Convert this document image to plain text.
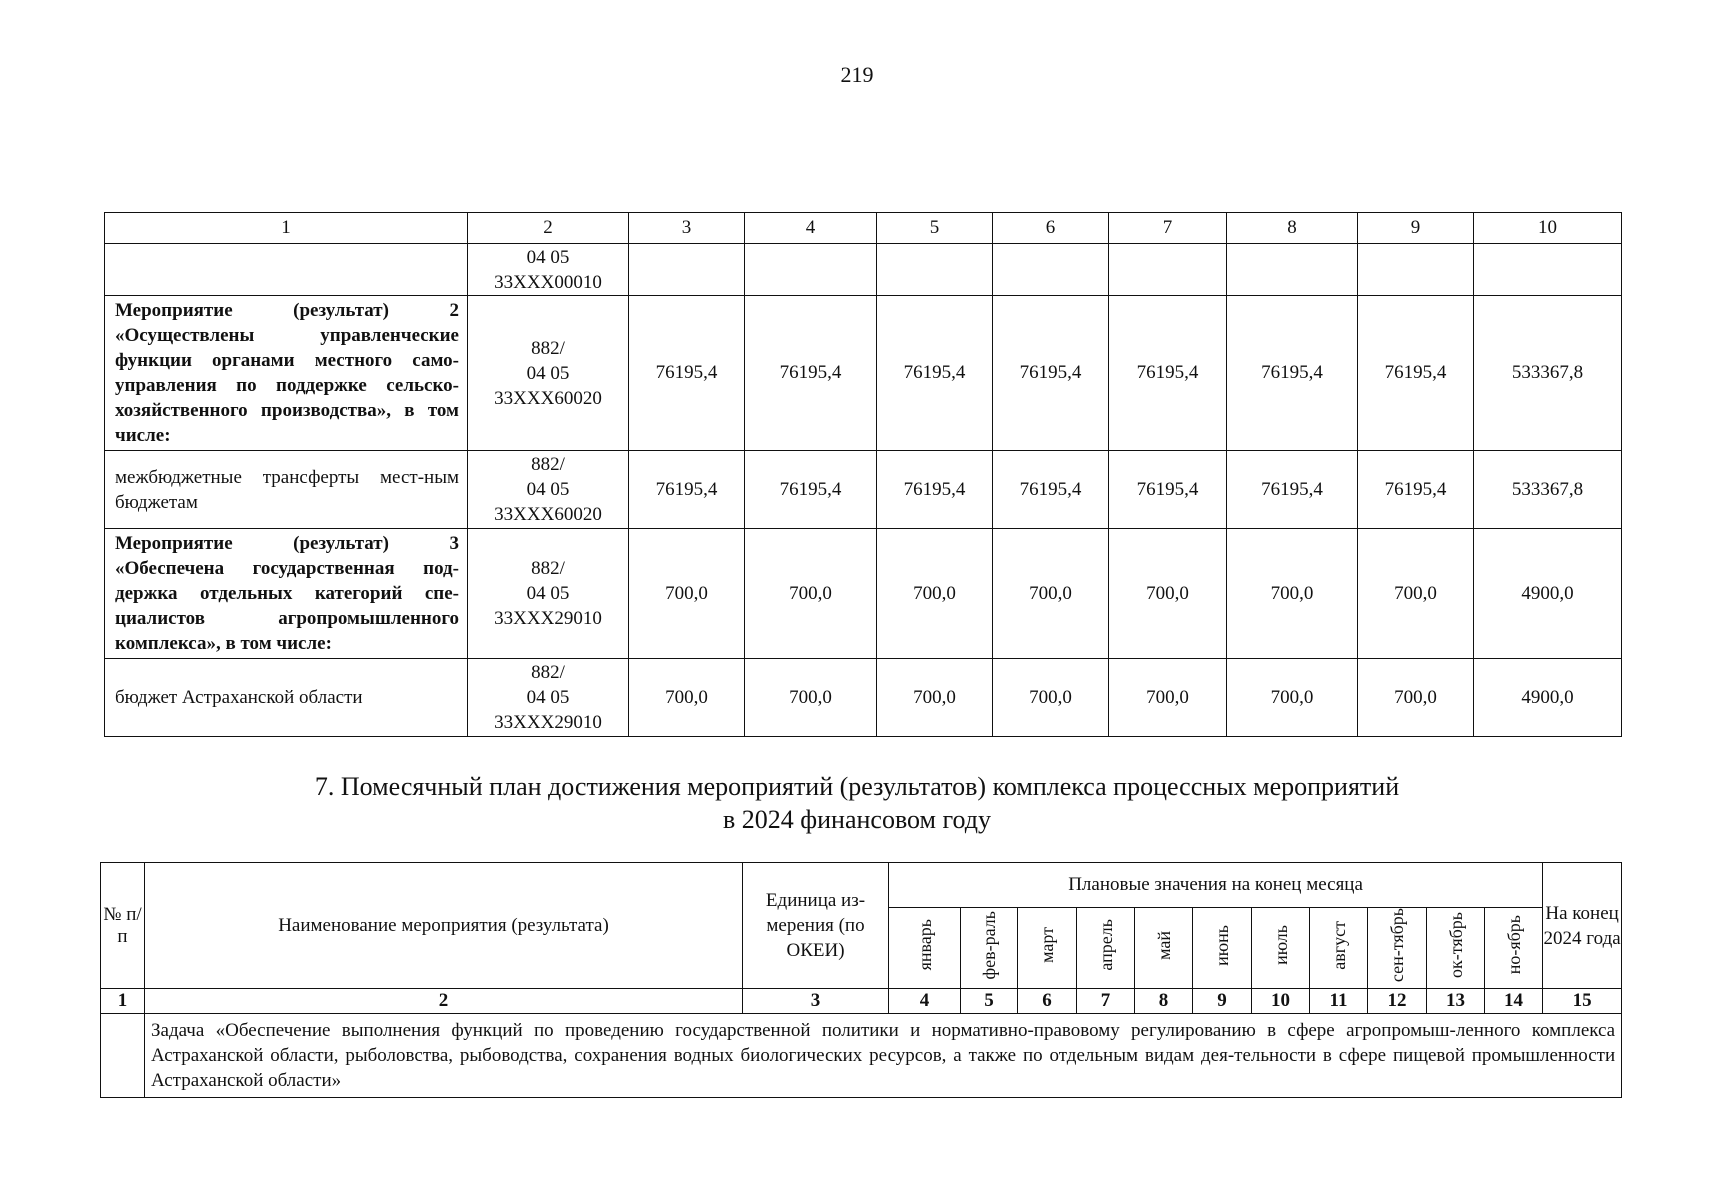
219
1	2	3	4	5	6	7	8	9	10

	04 05
33ХХХ00010								

Мероприятие (результат) 2 «Осуществлены управленческие функции органами местного само-управления по поддержке сельско-хозяйственного производства», в том числе:	882/
04 05
33ХХХ60020	76195,4	76195,4	76195,4	76195,4	76195,4	76195,4	76195,4	533367,8
межбюджетные трансферты мест-ным бюджетам	882/
04 05
33ХХХ60020	76195,4	76195,4	76195,4	76195,4	76195,4	76195,4	76195,4	533367,8
Мероприятие (результат) 3 «Обеспечена государственная под-держка отдельных категорий спе-циалистов агропромышленного комплекса», в том числе:	882/
04 05
33ХХХ29010	700,0	700,0	700,0	700,0	700,0	700,0	700,0	4900,0
бюджет Астраханской области	882/
04 05
33ХХХ29010	700,0	700,0	700,0	700,0	700,0	700,0	700,0	4900,0
7. Помесячный план достижения мероприятий (результатов) комплекса процессных мероприятий
в 2024 финансовом году
№ п/п	Наименование мероприятия (результата)	Единица из-мерения (по ОКЕИ)	Плановые значения на конец месяца											На конец 2024 года
			январь	фев-раль	март	апрель	май	июнь	июль	август	сен-тябрь	ок-тябрь	но-ябрь	
1	2	3	4	5	6	7	8	9	10	11	12	13	14	15
	Задача «Обеспечение выполнения функций по проведению государственной политики и нормативно-правовому регулированию в сфере агропромыш-ленного комплекса Астраханской области, рыболовства, рыбоводства, сохранения водных биологических ресурсов, а также по отдельным видам дея-тельности в сфере пищевой промышленности Астраханской области»													
